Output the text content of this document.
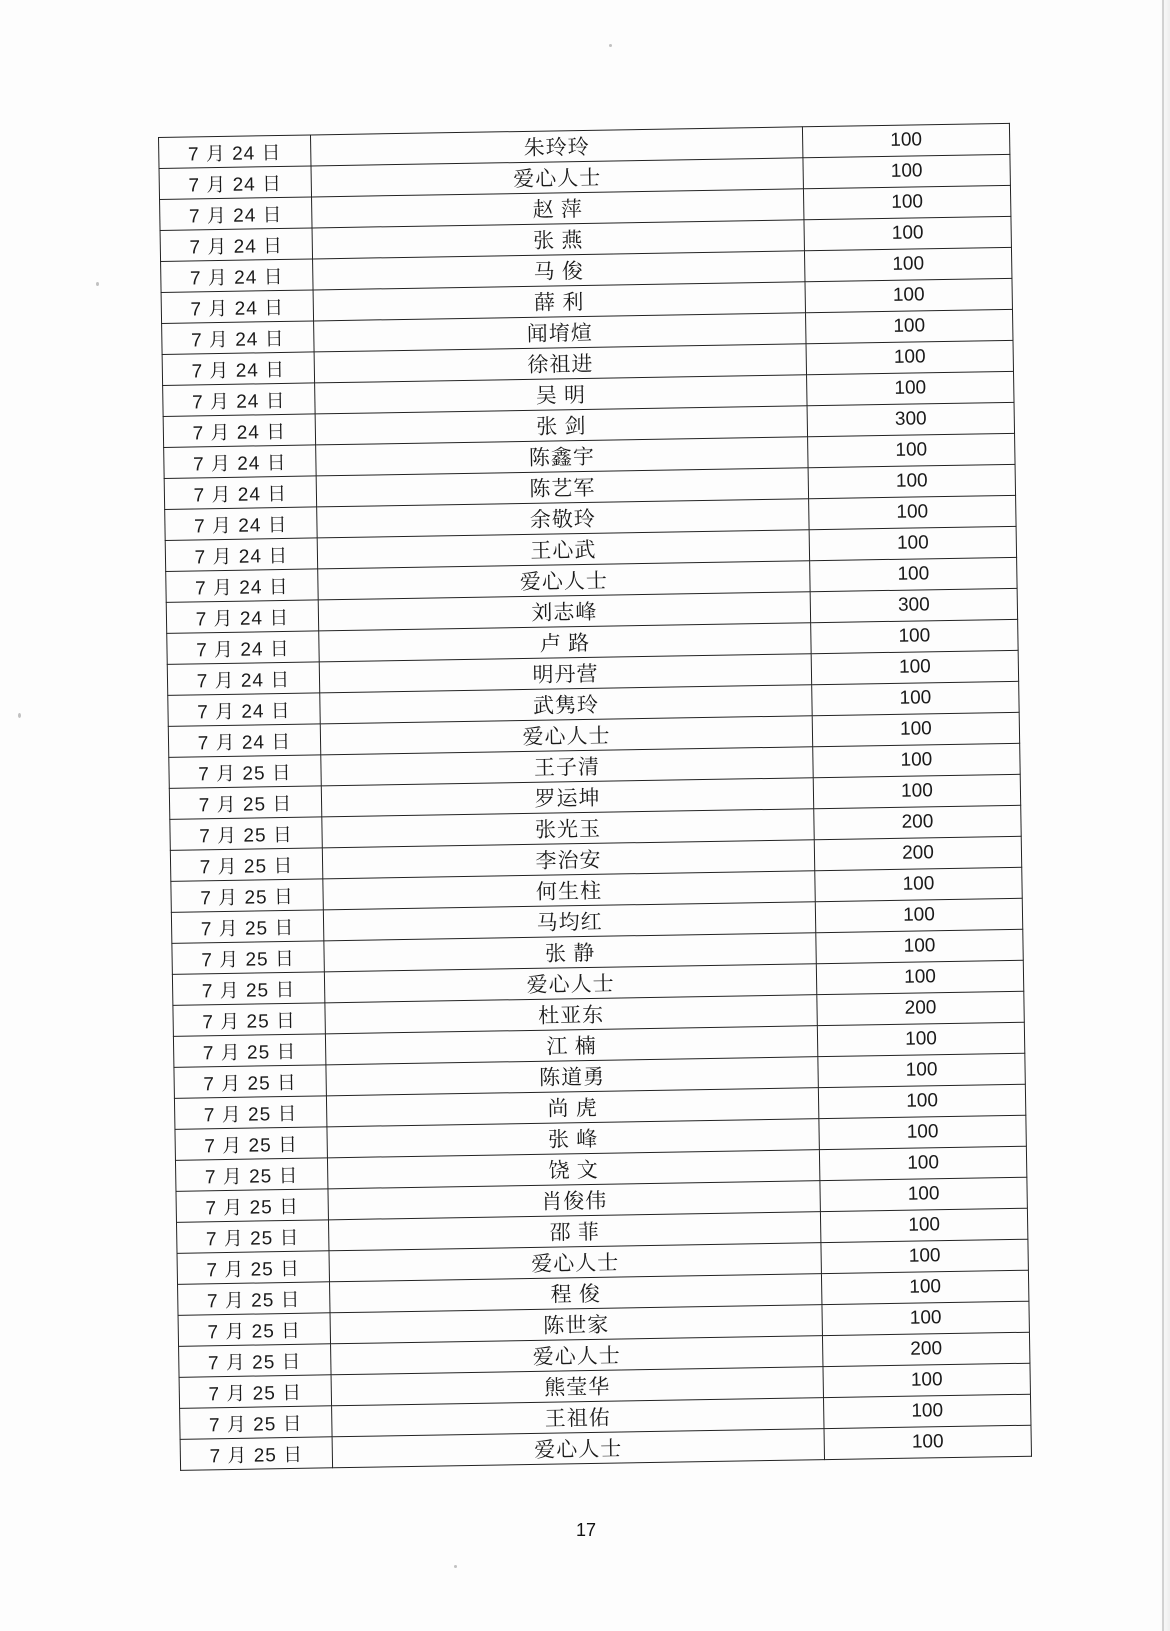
7 月 24 日	朱玲玲	100
7 月 24 日	爱心人士	100
7 月 24 日	赵 萍	100
7 月 24 日	张 燕	100
7 月 24 日	马 俊	100
7 月 24 日	薛 利	100
7 月 24 日	闻堉煊	100
7 月 24 日	徐祖进	100
7 月 24 日	吴 明	100
7 月 24 日	张 剑	300
7 月 24 日	陈鑫宇	100
7 月 24 日	陈艺军	100
7 月 24 日	余敬玲	100
7 月 24 日	王心武	100
7 月 24 日	爱心人士	100
7 月 24 日	刘志峰	300
7 月 24 日	卢 路	100
7 月 24 日	明丹营	100
7 月 24 日	武隽玲	100
7 月 24 日	爱心人士	100
7 月 25 日	王子清	100
7 月 25 日	罗运坤	100
7 月 25 日	张光玉	200
7 月 25 日	李治安	200
7 月 25 日	何生柱	100
7 月 25 日	马均红	100
7 月 25 日	张 静	100
7 月 25 日	爱心人士	100
7 月 25 日	杜亚东	200
7 月 25 日	江 楠	100
7 月 25 日	陈道勇	100
7 月 25 日	尚 虎	100
7 月 25 日	张 峰	100
7 月 25 日	饶 文	100
7 月 25 日	肖俊伟	100
7 月 25 日	邵 菲	100
7 月 25 日	爱心人士	100
7 月 25 日	程 俊	100
7 月 25 日	陈世家	100
7 月 25 日	爱心人士	200
7 月 25 日	熊莹华	100
7 月 25 日	王祖佑	100
7 月 25 日	爱心人士	100
17
